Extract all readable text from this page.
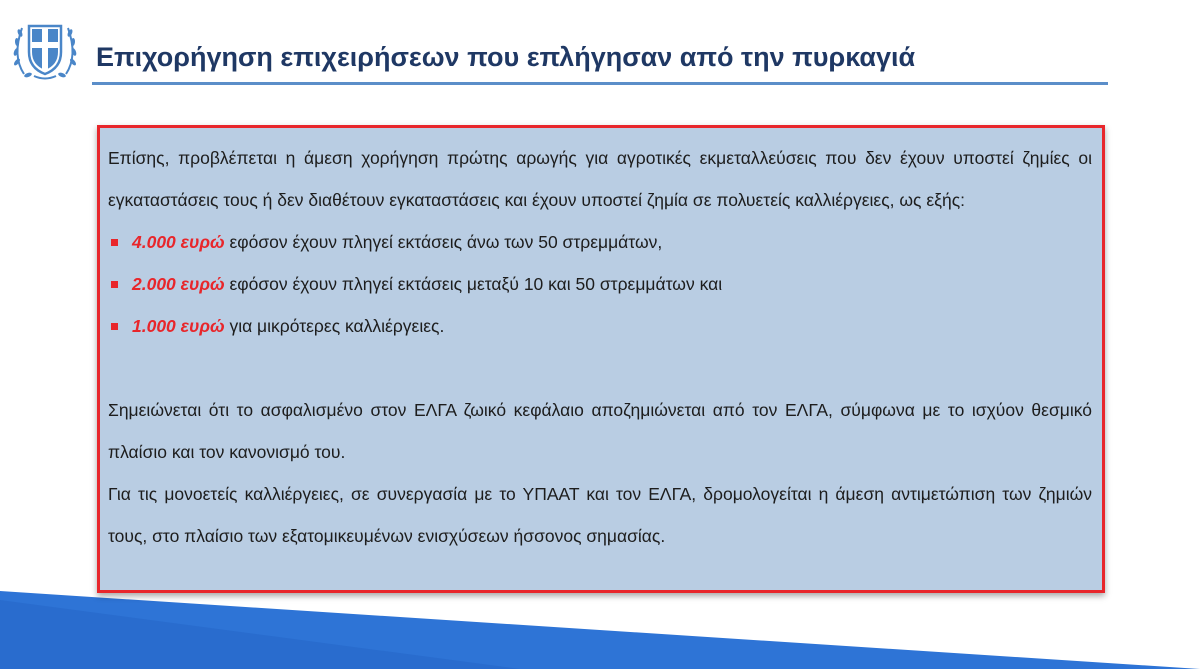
Επιχορήγηση επιχειρήσεων που επλήγησαν από την πυρκαγιά

Επίσης, προβλέπεται η άμεση χορήγηση πρώτης αρωγής για αγροτικές εκμεταλλεύσεις που δεν έχουν υποστεί ζημίες οι εγκαταστάσεις τους ή δεν διαθέτουν εγκαταστάσεις και έχουν υποστεί ζημία σε πολυετείς καλλιέργειες, ως εξής:

4.000 ευρώ εφόσον έχουν πληγεί εκτάσεις άνω των 50 στρεμμάτων,
2.000 ευρώ εφόσον έχουν πληγεί εκτάσεις μεταξύ 10 και 50 στρεμμάτων και
1.000 ευρώ για μικρότερες καλλιέργειες.

Σημειώνεται ότι το ασφαλισμένο στον ΕΛΓΑ ζωικό κεφάλαιο αποζημιώνεται από τον ΕΛΓΑ, σύμφωνα με το ισχύον θεσμικό πλαίσιο και τον κανονισμό του.

Για τις μονοετείς καλλιέργειες, σε συνεργασία με το ΥΠΑΑΤ και τον ΕΛΓΑ, δρομολογείται η άμεση αντιμετώπιση των ζημιών τους, στο πλαίσιο των εξατομικευμένων ενισχύσεων ήσσονος σημασίας.
